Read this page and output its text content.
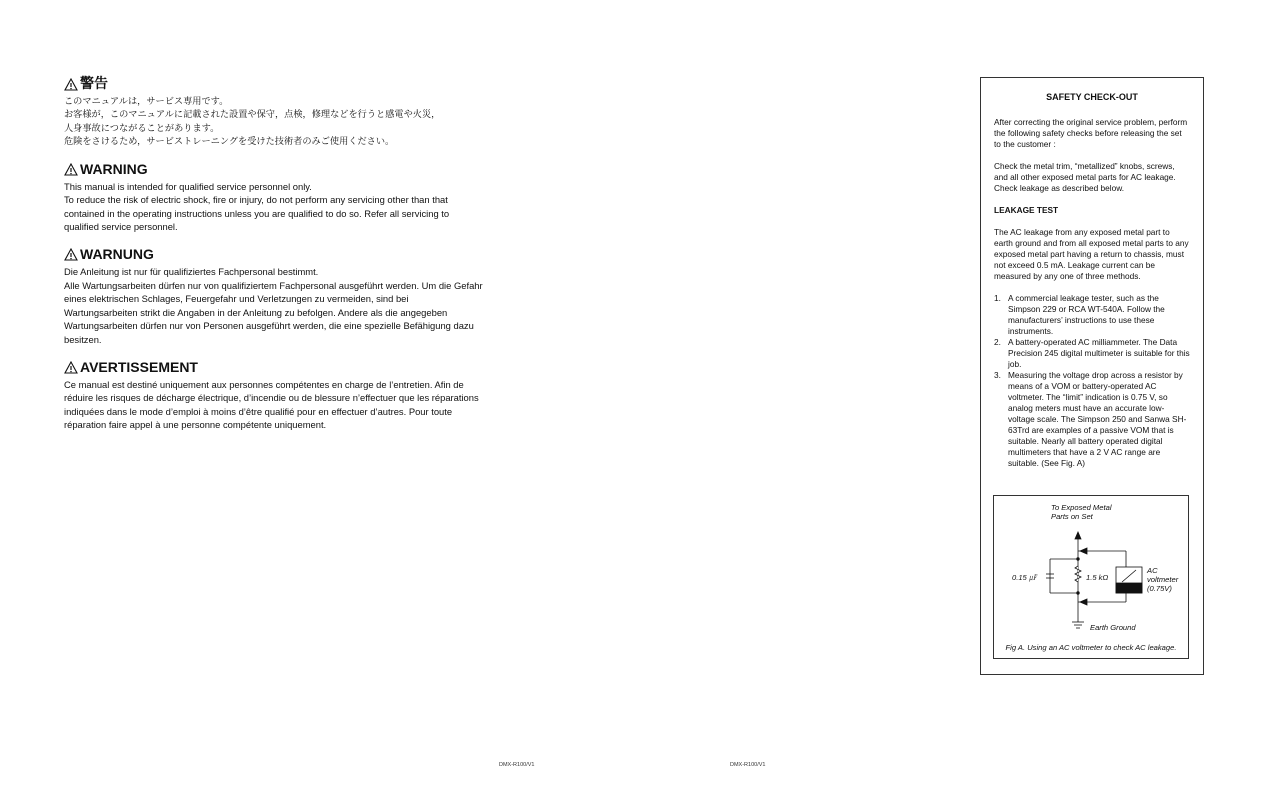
警告
このマニュアルは，サービス専用です。
お客様が，このマニュアルに記載された設置や保守，点検，修理などを行うと感電や火災，
人身事故につながることがあります。
危険をさけるため，サービストレーニングを受けた技術者のみご使用ください。
WARNING
This manual is intended for qualified service personnel only.
To reduce the risk of electric shock, fire or injury, do not perform any servicing other than that contained in the operating instructions unless you are qualified to do so. Refer all servicing to qualified service personnel.
WARNUNG
Die Anleitung ist nur für qualifiziertes Fachpersonal bestimmt.
Alle Wartungsarbeiten dürfen nur von qualifiziertem Fachpersonal ausgeführt werden. Um die Gefahr eines elektrischen Schlages, Feuergefahr und Verletzungen zu vermeiden, sind bei Wartungsarbeiten strikt die Angaben in der Anleitung zu befolgen. Andere als die angegeben Wartungsarbeiten dürfen nur von Personen ausgeführt werden, die eine spezielle Befähigung dazu besitzen.
AVERTISSEMENT
Ce manual est destiné uniquement aux personnes compétentes en charge de l’entretien. Afin de réduire les risques de décharge électrique, d’incendie ou de blessure n’effectuer que les réparations indiquées dans le mode d’emploi à moins d’être qualifié pour en effectuer d’autres. Pour toute réparation faire appel à une personne compétente uniquement.
SAFETY CHECK-OUT

After correcting the original service problem, perform the following safety checks before releasing the set to the customer :

Check the metal trim, “metallized” knobs, screws, and all other exposed metal parts for AC leakage. Check leakage as described below.

LEAKAGE TEST

The AC leakage from any exposed metal part to earth ground and from all exposed metal parts to any exposed metal part having a return to chassis, must not exceed 0.5 mA. Leakage current can be measured by any one of three methods.

1. A commercial leakage tester, such as the Simpson 229 or RCA WT-540A. Follow the manufacturers’ instructions to use these instruments.
2. A battery-operated AC milliammeter. The Data Precision 245 digital multimeter is suitable for this job.
3. Measuring the voltage drop across a resistor by means of a VOM or battery-operated AC voltmeter. The “limit” indication is 0.75 V, so analog meters must have an accurate low-voltage scale. The Simpson 250 and Sanwa SH-63Trd are examples of a passive VOM that is suitable. Nearly all battery operated digital multimeters that have a 2 V AC range are suitable. (See Fig. A)
To Exposed Metal
Parts on Set
0.15 ㎌	1.5 kΩ
AC
voltmeter
(0.75V)
Earth Ground
Fig A. Using an AC voltmeter to check AC leakage.
DMX-R100/V1	DMX-R100/V1
